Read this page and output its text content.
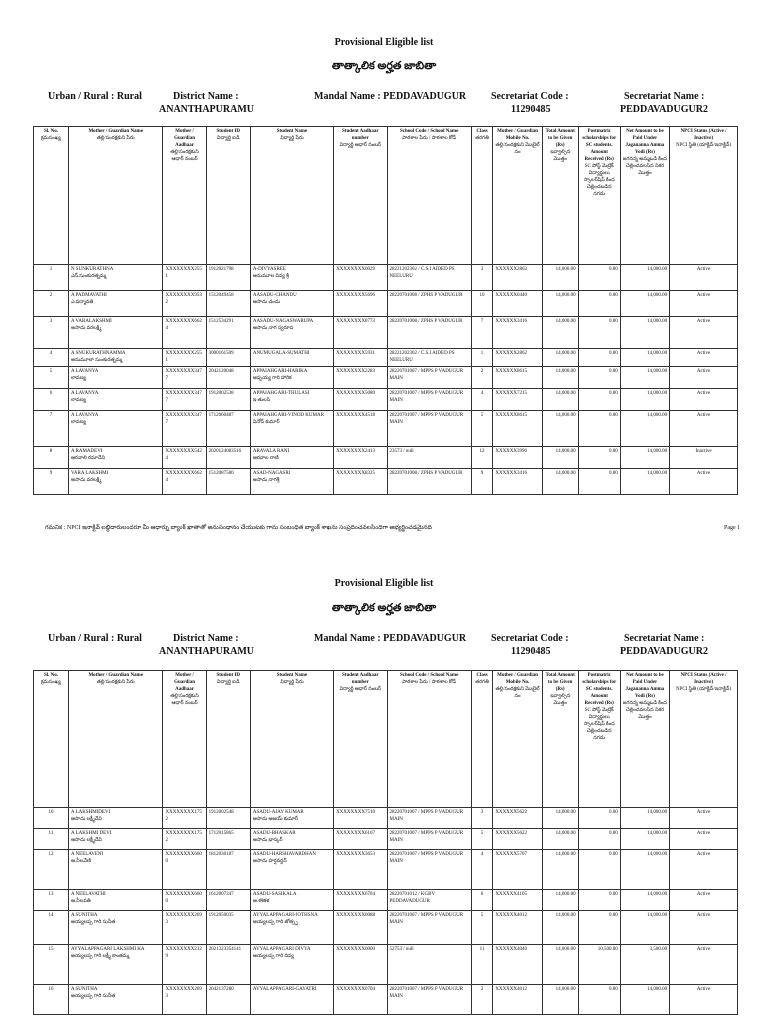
Provisional Eligible list
తాత్కాలిక అర్హత జాబితా
Urban / Rural : Rural	District Name :
ANANTHAPURAMU
Mandal Name : PEDDAVADUGUR Secretariat Code :
11290485
Secretariat Name :
PEDDAVADUGUR2
Sl. No.
క్రమసంఖ్య	Mother / Guardian Name
తల్లి/సంరక్షకుని పేరు	Mother / Guardian Aadhaar
తల్లి/సంరక్షకుని ఆధార్ నంబర్	Student ID
విద్యార్థి ఐడి	Student Name
విద్యార్థి పేరు	Student Aadhaar number
విద్యార్థి ఆధార్ నంబర్	School Code / School Name
పాఠశాల పేరు / పాఠశాల కోడ్	Class
తరగతి	Mother / Guardian Mobile No.
తల్లి/సంరక్షకుని మొబైల్ నం	Total Amount to be Given (Rs)
ఇవ్వాల్సిన మొత్తం	Postmatric scholarships for SC students. Amount Received (Rs)
SC పోస్ట్ మెట్రిక్ విద్యార్థులు స్కాలర్‌షిప్ కింద చెల్లించబడిన నగదు	Net Amount to be Paid Under Jagananna Amma Vodi (Rs)
జగనన్న అమ్మఒడి కింద చెల్లించవలసిన నికర మొత్తం	NPCI Status (Active / Inactive)
NPCI స్థితి (యాక్టివ్/ఇనాక్టివ్)

1	N SUNKURATHNA
ఎన్.సుంకురత్నమ్మ	XXXXXXXX2551	1912021798	A-DIVYASREE
అనుమూల దివ్య శ్రీ	XXXXXXXX0029	28221202302 / C.S.I AIDED PS NEELURU	3	XXXXXX2862	14,000.00	0.00	14,000.00	Active
2	A PADMAVATHI
ఎ.పద్మావతి	XXXXXXXX9532	1512049458	AASADU-CHANDU
ఆసాదు చందు	XXXXXXXX5696	28220701008 / ZPHS P VADUGUR	10	XXXXXX0440	14,000.00	0.00	14,000.00	Active
3	A VARALAKSHMI
అసాదు వరలక్ష్మి	XXXXXXXX6624	1512534291	AASADU-NAGASWARUPA
ఆసాదు నాగ స్వరూప	XXXXXXXX8773	28220701008 / ZPHS P VADUGUR	7	XXXXXX3416	14,000.00	0.00	14,000.00	Active
4	A SNUKURATHNAMMA
అనుమూలా సుంకురత్నమ్మ	XXXXXXXX2551	3000161509	ANUMUGALA-SUMATHI	XXXXXXXX5931	28221202302 / C.S.I AIDED PS NEELURU	1	XXXXXX2862	14,000.00	0.00	14,000.00	Active
5	A LAVANYA
లావణ్య	XXXXXXXX3477	2042120048	APPAIAHGARI-HARIKA
అప్పయ్య గారి హారిక	XXXXXXXX2283	28220701007 / MPPS P VADUGUR MAIN	2	XXXXXX8615	14,000.00	0.00	14,000.00	Active
6	A LAVANYA
లావణ్య	XXXXXXXX3477	1912002538	APPAIAHGARI-THULASI
ఇ తులసి	XXXXXXXX5080	28220701007 / MPPS P VADUGUR MAIN	4	XXXXXX7215	14,000.00	0.00	14,000.00	Active
7	A LAVANYA
లావణ్య	XXXXXXXX3477	1712060487	APPAIAHGARI-VINOD KUMAR
వినోద్ కుమార్	XXXXXXXX4518	28220701007 / MPPS P VADUGUR MAIN	5	XXXXXX8615	14,000.00	0.00	14,000.00	Active
8	A RAMADEVI
ఆరవాలి రమాదేవి	XXXXXXXX5424	2020124083516	ARAVALA RANI
ఆరవాల రాణి	XXXXXXXX2413	23573 / null	12	XXXXXX3996	14,000.00	0.00	14,000.00	Inactive
9	VARA LAKSHMI
అసాదు వరలక్ష్మి	XXXXXXXX6624	1512087580	ASAD-NAGASRI
అసాదు నాగశ్రీ	XXXXXXXX8325	28220701008 / ZPHS P VADUGUR	9	XXXXXX3416	14,000.00	0.00	14,000.00	Active
గమనిక : NPCI ఇనాక్టివ్ లబ్ధిదారులందరూ మీ ఆధార్ను బ్యాంక్ ఖాతాతో అనుసంధానం చేయుటకు గాను సంబంధిత బ్యాంక్ శాఖను సంప్రదించవలసిందిగా అభ్యర్థించడమైనది	Page 1
Provisional Eligible list
తాత్కాలిక అర్హత జాబితా
Urban / Rural : Rural	District Name :
ANANTHAPURAMU
Mandal Name : PEDDAVADUGUR Secretariat Code :
11290485
Secretariat Name :
PEDDAVADUGUR2
Sl. No.
క్రమసంఖ్య	Mother / Guardian Name
తల్లి/సంరక్షకుని పేరు	Mother / Guardian Aadhaar
తల్లి/సంరక్షకుని ఆధార్ నంబర్	Student ID
విద్యార్థి ఐడి	Student Name
విద్యార్థి పేరు	Student Aadhaar number
విద్యార్థి ఆధార్ నంబర్	School Code / School Name
పాఠశాల పేరు / పాఠశాల కోడ్	Class
తరగతి	Mother / Guardian Mobile No.
తల్లి/సంరక్షకుని మొబైల్ నం	Total Amount to be Given (Rs)
ఇవ్వాల్సిన మొత్తం	Postmatric scholarships for SC students. Amount Received (Rs)
SC పోస్ట్ మెట్రిక్ విద్యార్థులు స్కాలర్‌షిప్ కింద చెల్లించబడిన నగదు	Net Amount to be Paid Under Jagananna Amma Vodi (Rs)
జగనన్న అమ్మఒడి కింద చెల్లించవలసిన నికర మొత్తం	NPCI Status (Active / Inactive)
NPCI స్థితి (యాక్టివ్/ఇనాక్టివ్)

10	A LAKSHMIDEVI
ఆసాదు లక్ష్మీదేవి	XXXXXXXX1752	1912002548	ASADU-AJAY KUMAR
ఆసాదు అజయ్ కుమార్	XXXXXXXX7510	28220701007 / MPPS P VADUGUR MAIN	3	XXXXXX5622	14,000.00	0.00	14,000.00	Active
11	A LAKSHMI DEVI
ఆసాదు లక్ష్మీదేవి	XXXXXXXX1752	1712015865	ASADU-BHASKAR
ఆసాదు భాస్కర్	XXXXXXXX6167	28220701007 / MPPS P VADUGUR MAIN	5	XXXXXX5622	14,000.00	0.00	14,000.00	Active
12	A NEELAVENI
ఆ.నీలవేణి	XXXXXXXX6600	1812030187	ASADU-HARSHAVARDHAN
ఆసాదు హర్షవర్ధన్	XXXXXXXX3653	28220701007 / MPPS P VADUGUR MAIN	4	XXXXXX5707	14,000.00	0.00	14,000.00	Active
13	A NEELAVATHI
ఆ.నీలవతి	XXXXXXXX6600	1612007347	ASADU-SASIKALA
ఆ.శశికళ	XXXXXXXX6704	28220701012 / KGBV PEDDAVADUGUR	6	XXXXXX4105	14,000.00	0.00	14,000.00	Active
14	A SUNITHA
అయ్యలప్ప గారి సునీత	XXXXXXXX2693	1912050035	AYYALAPPAGARI-JOTHSNA
అయ్యలప్ప గారి జోత్స్న	XXXXXXXX0088	28220701007 / MPPS P VADUGUR MAIN	5	XXXXXX4012	14,000.00	0.00	14,000.00	Active
15	AYYALAPPAGARI LAKSHMI KA
అయ్యలప్ప గారి లక్ష్మీ కాంతమ్మ	XXXXXXXX2129	2021323354141	AYYALAPPAGARI DIVYA
అయ్యలప్ప గారి దివ్య	XXXXXXXX0000	52753 / null	11	XXXXXX4040	14,000.00	10,500.00	3,500.00	Active
16	A SUNITHA
అయ్యలప్ప గారి సునీత	XXXXXXXX2693	2042137280	AYYALAPPAGARI-GAYATRI	XXXXXXXX0704	28220701007 / MPPS P VADUGUR MAIN	2	XXXXXX4012	14,000.00	0.00	14,000.00	Active
